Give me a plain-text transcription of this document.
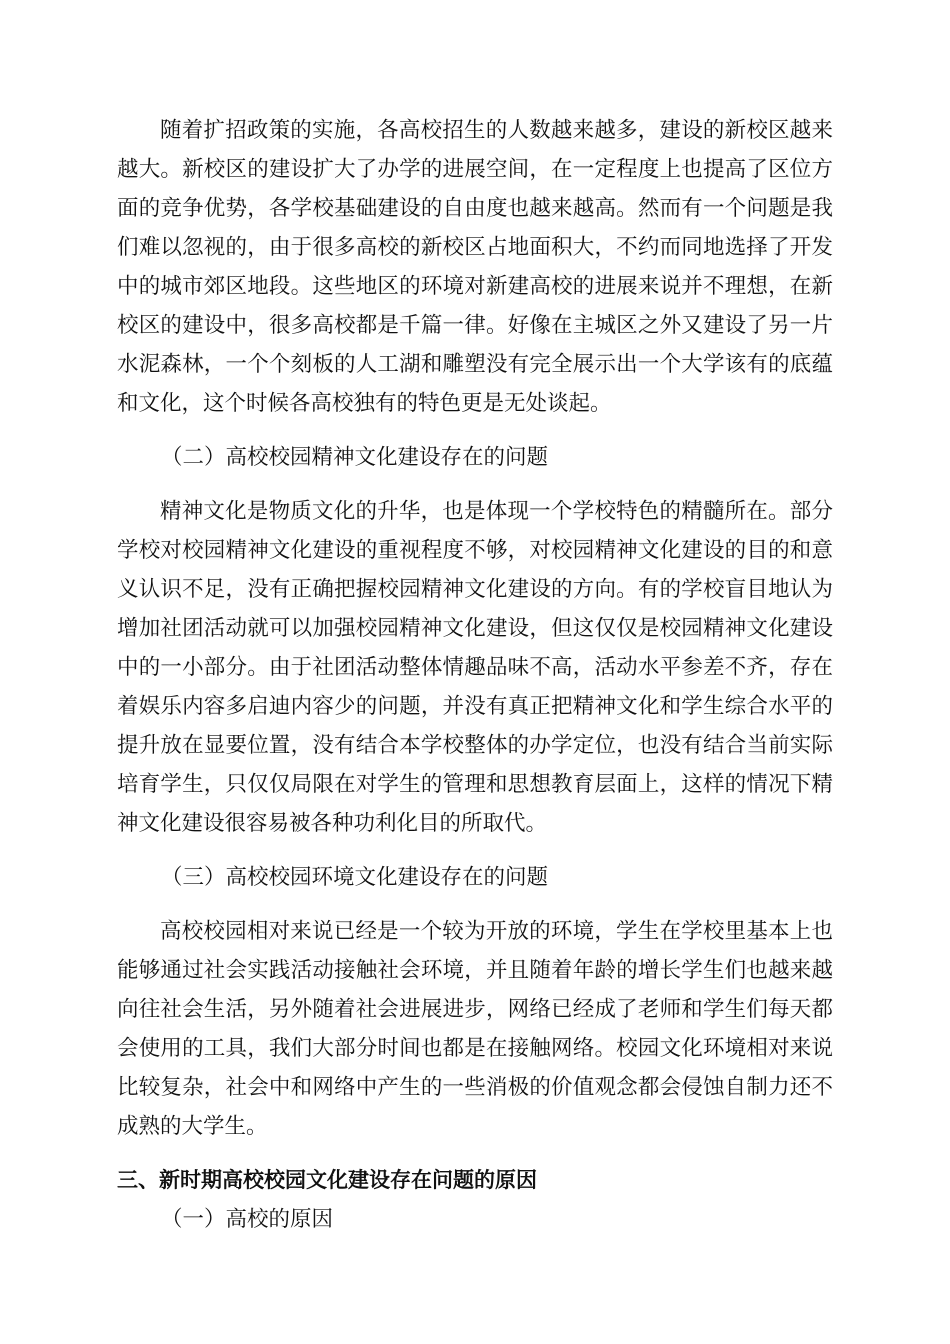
随着扩招政策的实施，各高校招生的人数越来越多，建设的新校区越来越大。新校区的建设扩大了办学的进展空间，在一定程度上也提高了区位方面的竞争优势，各学校基础建设的自由度也越来越高。然而有一个问题是我们难以忽视的，由于很多高校的新校区占地面积大，不约而同地选择了开发中的城市郊区地段。这些地区的环境对新建高校的进展来说并不理想，在新校区的建设中，很多高校都是千篇一律。好像在主城区之外又建设了另一片水泥森林，一个个刻板的人工湖和雕塑没有完全展示出一个大学该有的底蕴和文化，这个时候各高校独有的特色更是无处谈起。

（二）高校校园精神文化建设存在的问题

精神文化是物质文化的升华，也是体现一个学校特色的精髓所在。部分学校对校园精神文化建设的重视程度不够，对校园精神文化建设的目的和意义认识不足，没有正确把握校园精神文化建设的方向。有的学校盲目地认为增加社团活动就可以加强校园精神文化建设，但这仅仅是校园精神文化建设中的一小部分。由于社团活动整体情趣品味不高，活动水平参差不齐，存在着娱乐内容多启迪内容少的问题，并没有真正把精神文化和学生综合水平的提升放在显要位置，没有结合本学校整体的办学定位，也没有结合当前实际培育学生，只仅仅局限在对学生的管理和思想教育层面上，这样的情况下精神文化建设很容易被各种功利化目的所取代。

（三）高校校园环境文化建设存在的问题

高校校园相对来说已经是一个较为开放的环境，学生在学校里基本上也能够通过社会实践活动接触社会环境，并且随着年龄的增长学生们也越来越向往社会生活，另外随着社会进展进步，网络已经成了老师和学生们每天都会使用的工具，我们大部分时间也都是在接触网络。校园文化环境相对来说比较复杂，社会中和网络中产生的一些消极的价值观念都会侵蚀自制力还不成熟的大学生。

三、新时期高校校园文化建设存在问题的原因

（一）高校的原因
